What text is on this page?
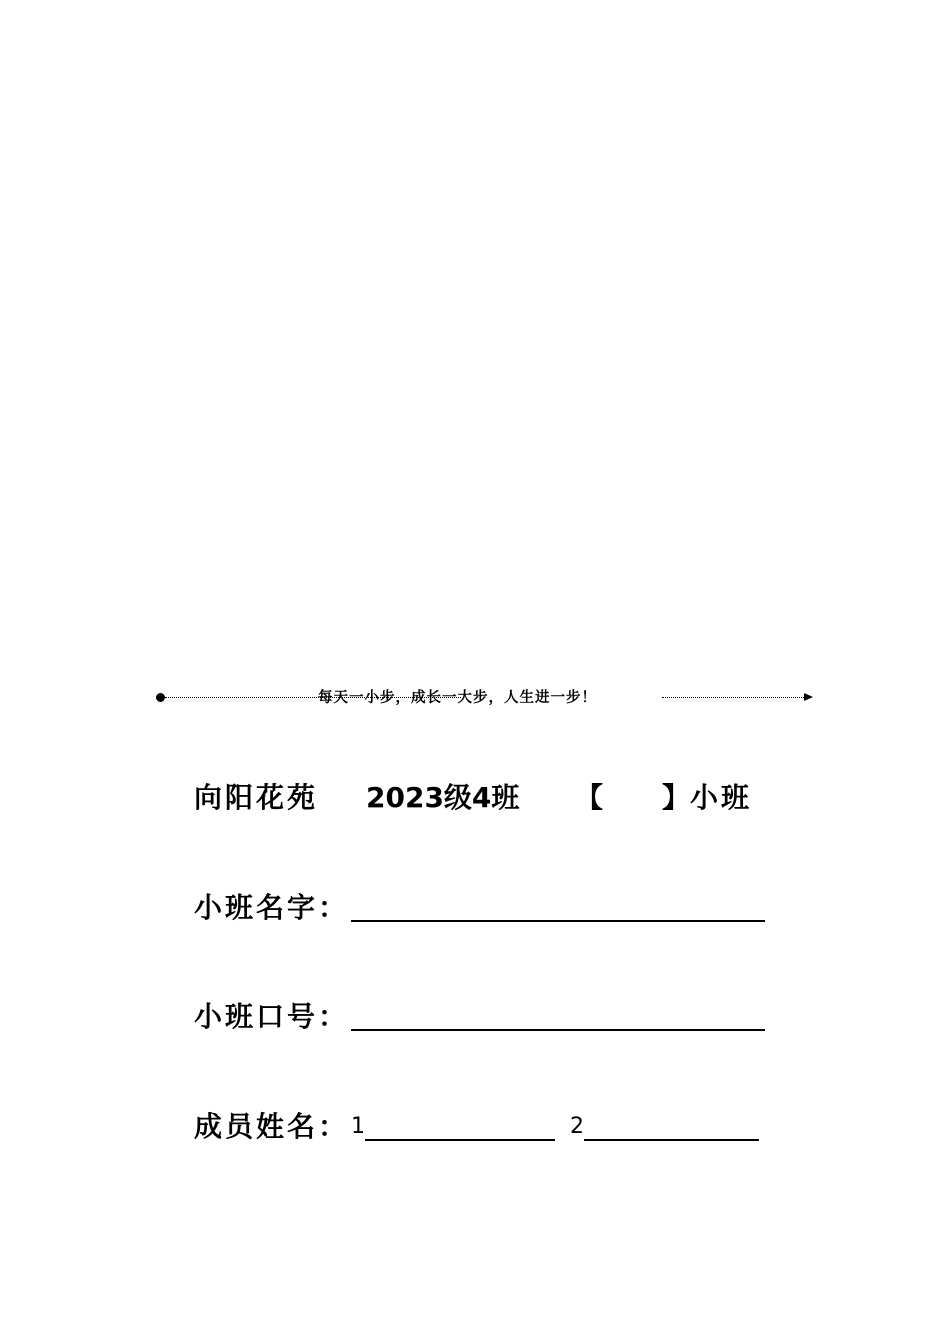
每天一小步，成长一大步，人生进一步！
向阳花苑 2023级4班 【 】 小班
小班名字：
小班口号：
成员姓名： 1	2
